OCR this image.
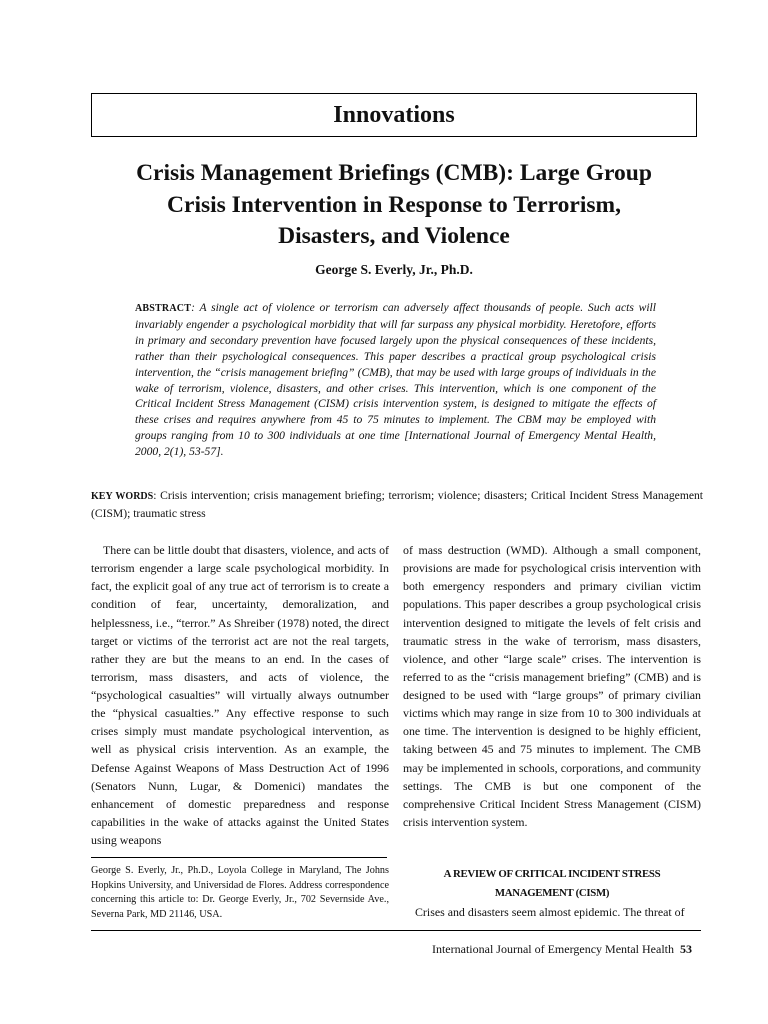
Innovations
Crisis Management Briefings (CMB): Large Group
Crisis Intervention in Response to Terrorism,
Disasters, and Violence
George S. Everly, Jr., Ph.D.
ABSTRACT: A single act of violence or terrorism can adversely affect thousands of people. Such acts will invariably engender a psychological morbidity that will far surpass any physical morbidity. Heretofore, efforts in primary and secondary prevention have focused largely upon the physical consequences of these incidents, rather than their psychological consequences. This paper describes a practical group psychological crisis intervention, the “crisis management briefing” (CMB), that may be used with large groups of individuals in the wake of terrorism, violence, disasters, and other crises. This intervention, which is one component of the Critical Incident Stress Management (CISM) crisis intervention system, is designed to mitigate the effects of these crises and requires anywhere from 45 to 75 minutes to implement. The CBM may be employed with groups ranging from 10 to 300 individuals at one time [International Journal of Emergency Mental Health, 2000, 2(1), 53-57].
KEY WORDS: Crisis intervention; crisis management briefing; terrorism; violence; disasters; Critical Incident Stress Management (CISM); traumatic stress

There can be little doubt that disasters, violence, and acts of terrorism engender a large scale psychological morbidity. In fact, the explicit goal of any true act of terrorism is to create a condition of fear, uncertainty, demoralization, and helplessness, i.e., “terror.” As Shreiber (1978) noted, the direct target or victims of the terrorist act are not the real targets, rather they are but the means to an end. In the cases of terrorism, mass disasters, and acts of violence, the “psychological casualties” will virtually always outnumber the “physical casualties.” Any effective response to such crises simply must mandate psychological intervention, as well as physical crisis intervention. As an example, the Defense Against Weapons of Mass Destruction Act of 1996 (Senators Nunn, Lugar, & Domenici) mandates the enhancement of domestic preparedness and response capabilities in the wake of attacks against the United States using weapons

of mass destruction (WMD). Although a small component, provisions are made for psychological crisis intervention with both emergency responders and primary civilian victim populations. This paper describes a group psychological crisis intervention designed to mitigate the levels of felt crisis and traumatic stress in the wake of terrorism, mass disasters, violence, and other “large scale” crises. The intervention is referred to as the “crisis management briefing” (CMB) and is designed to be used with “large groups” of primary civilian victims which may range in size from 10 to 300 individuals at one time. The intervention is designed to be highly efficient, taking between 45 and 75 minutes to implement. The CMB may be implemented in schools, corporations, and community settings. The CMB is but one component of the comprehensive Critical Incident Stress Management (CISM) crisis intervention system.

George S. Everly, Jr., Ph.D., Loyola College in Maryland, The Johns Hopkins University, and Universidad de Flores. Address correspondence concerning this article to: Dr. George Everly, Jr., 702 Severnside Ave., Severna Park, MD 21146, USA.
A REVIEW OF CRITICAL INCIDENT STRESS
MANAGEMENT (CISM)
Crises and disasters seem almost epidemic. The threat of
International Journal of Emergency Mental Health 53
